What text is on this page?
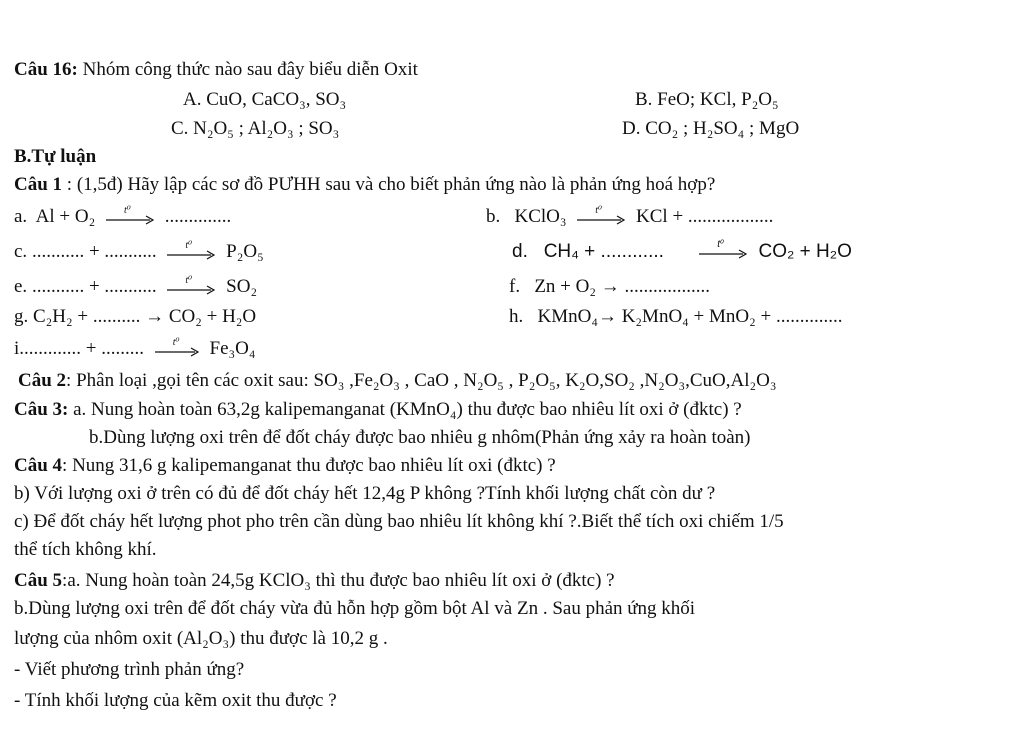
Câu 16: Nhóm công thức nào sau đây biểu diễn Oxit
A. CuO, CaCO₃, SO₃	B. FeO; KCl, P₂O₅
C. N₂O₅ ; Al₂O₃ ; SO₃	D. CO₂ ; H₂SO₄ ; MgO
B.Tự luận
Câu 1 : (1,5đ) Hãy lập các sơ đồ PƯHH sau và cho biết phản ứng nào là phản ứng hoá hợp?
a. Al + O₂	t⁰ ..............	b. KClO₃	t⁰ KCl + ..................
c. ........... + ...........	t⁰ P₂O₅	d. CH₄ + ............	t⁰ CO₂ + H₂O
e. ........... + ...........	t⁰ SO₂	f. Zn + O₂ → ..................
g. C₂H₂ + .......... → CO₂ + H₂O	h. KMnO₄→ K₂MnO₄ + MnO₂ + ..............
i............. + .........	t⁰ Fe₃O₄
Câu 2: Phân loại ,gọi tên các oxit sau: SO₃ ,Fe₂O₃ , CaO , N₂O₅ , P₂O₅, K₂O,SO₂ ,N₂O₃,CuO,Al₂O₃
Câu 3: a. Nung hoàn toàn 63,2g kalipemanganat (KMnO₄) thu được bao nhiêu lít oxi ở (đktc) ?
b.Dùng lượng oxi trên để đốt cháy được bao nhiêu g nhôm(Phản ứng xảy ra hoàn toàn)
Câu 4: Nung 31,6 g kalipemanganat thu được bao nhiêu lít oxi (đktc) ?
b) Với lượng oxi ở trên có đủ để đốt cháy hết 12,4g P không ?Tính khối lượng chất còn dư ?
c) Để đốt cháy hết lượng phot pho trên cần dùng bao nhiêu lít không khí ?.Biết thể tích oxi chiếm 1/5
thể tích không khí.
Câu 5:a. Nung hoàn toàn 24,5g KClO₃ thì thu được bao nhiêu lít oxi ở (đktc) ?
b.Dùng lượng oxi trên để đốt cháy vừa đủ hỗn hợp gồm bột Al và Zn . Sau phản ứng khối
lượng của nhôm oxit (Al₂O₃) thu được là 10,2 g .
- Viết phương trình phản ứng?
- Tính khối lượng của kẽm oxit thu được ?
